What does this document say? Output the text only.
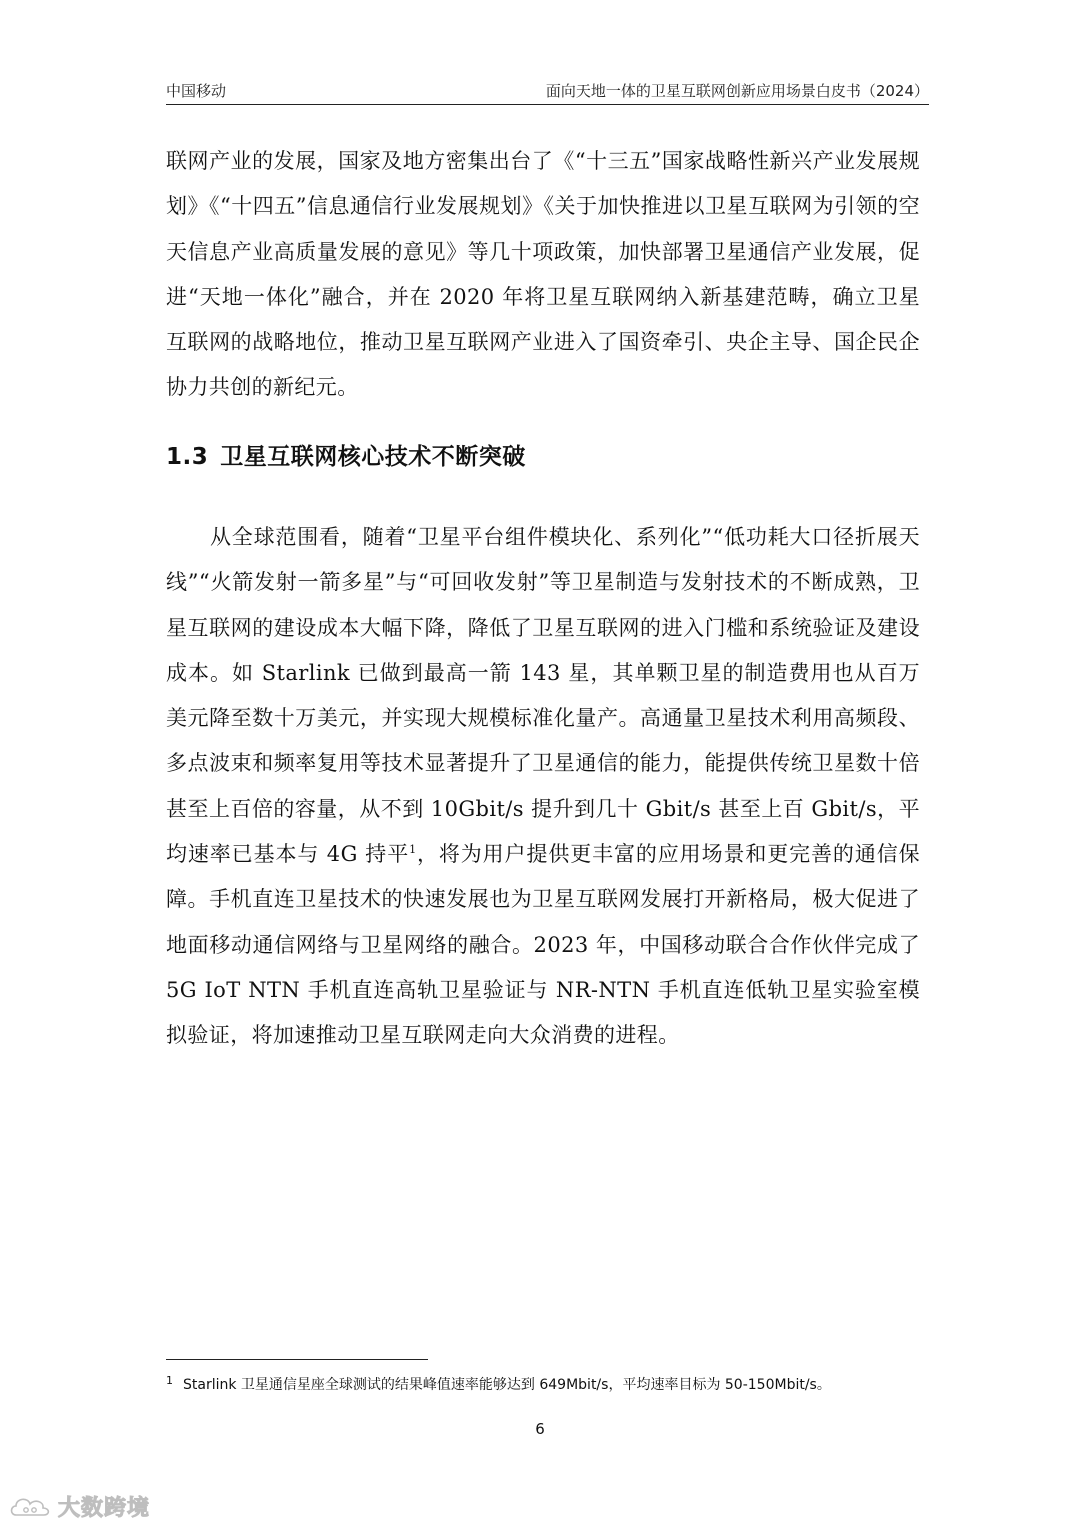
中国移动	面向天地一体的卫星互联网创新应用场景白皮书（2024）

联网产业的发展，国家及地方密集出台了《“十三五”国家战略性新兴产业发展规划》《“十四五”信息通信行业发展规划》《关于加快推进以卫星互联网为引领的空天信息产业高质量发展的意见》等几十项政策，加快部署卫星通信产业发展，促进“天地一体化”融合，并在 2020 年将卫星互联网纳入新基建范畴，确立卫星互联网的战略地位，推动卫星互联网产业进入了国资牵引、央企主导、国企民企协力共创的新纪元。

1.3 卫星互联网核心技术不断突破

从全球范围看，随着“卫星平台组件模块化、系列化”“低功耗大口径折展天线”“火箭发射一箭多星”与“可回收发射”等卫星制造与发射技术的不断成熟，卫星互联网的建设成本大幅下降，降低了卫星互联网的进入门槛和系统验证及建设成本。如 Starlink 已做到最高一箭 143 星，其单颗卫星的制造费用也从百万美元降至数十万美元，并实现大规模标准化量产。高通量卫星技术利用高频段、多点波束和频率复用等技术显著提升了卫星通信的能力，能提供传统卫星数十倍甚至上百倍的容量，从不到 10Gbit/s 提升到几十 Gbit/s 甚至上百 Gbit/s，平均速率已基本与 4G 持平$^1$，将为用户提供更丰富的应用场景和更完善的通信保障。手机直连卫星技术的快速发展也为卫星互联网发展打开新格局，极大促进了地面移动通信网络与卫星网络的融合。2023 年，中国移动联合合作伙伴完成了 5G IoT NTN 手机直连高轨卫星验证与 NR-NTN 手机直连低轨卫星实验室模拟验证，将加速推动卫星互联网走向大众消费的进程。

$^1$ Starlink 卫星通信星座全球测试的结果峰值速率能够达到 649Mbit/s，平均速率目标为 50-150Mbit/s。
6
大数跨境
